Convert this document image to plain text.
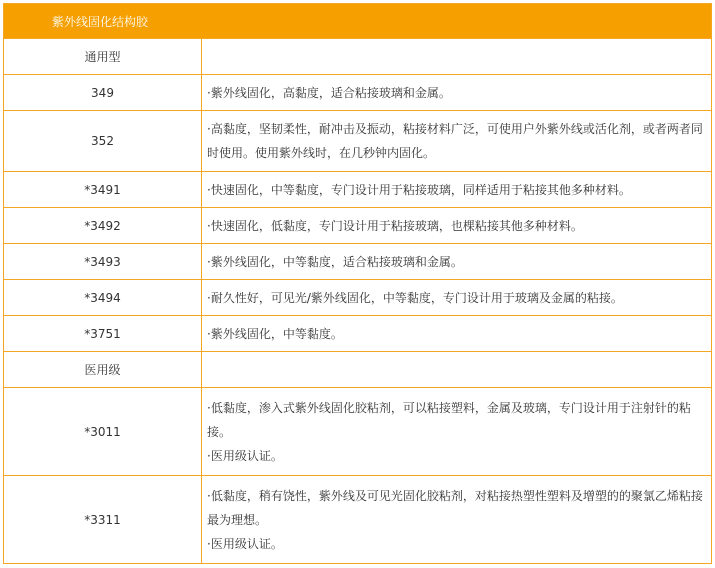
紫外线固化结构胶	
通用型	
349	·紫外线固化，高黏度，适合粘接玻璃和金属。

352	·高黏度，坚韧柔性，耐冲击及振动，粘接材料广泛，可使用户外紫外线或活化剂，或者两者同时使用。使用紫外线时，在几秒钟内固化。

*3491	·快速固化，中等黏度，专门设计用于粘接玻璃，同样适用于粘接其他多种材料。

*3492	·快速固化，低黏度，专门设计用于粘接玻璃，也棵粘接其他多种材料。

*3493	·紫外线固化，中等黏度，适合粘接玻璃和金属。

*3494	·耐久性好，可见光/紫外线固化，中等黏度，专门设计用于玻璃及金属的粘接。

*3751	·紫外线固化，中等黏度。

医用级	
*3011	·低黏度，渗入式紫外线固化胶粘剂，可以粘接塑料，金属及玻璃，专门设计用于注射针的粘接。

·医用级认证。

*3311	·低黏度，稍有饶性，紫外线及可见光固化胶粘剂，对粘接热塑性塑料及增塑的的聚氯乙烯粘接最为理想。

·医用级认证。
